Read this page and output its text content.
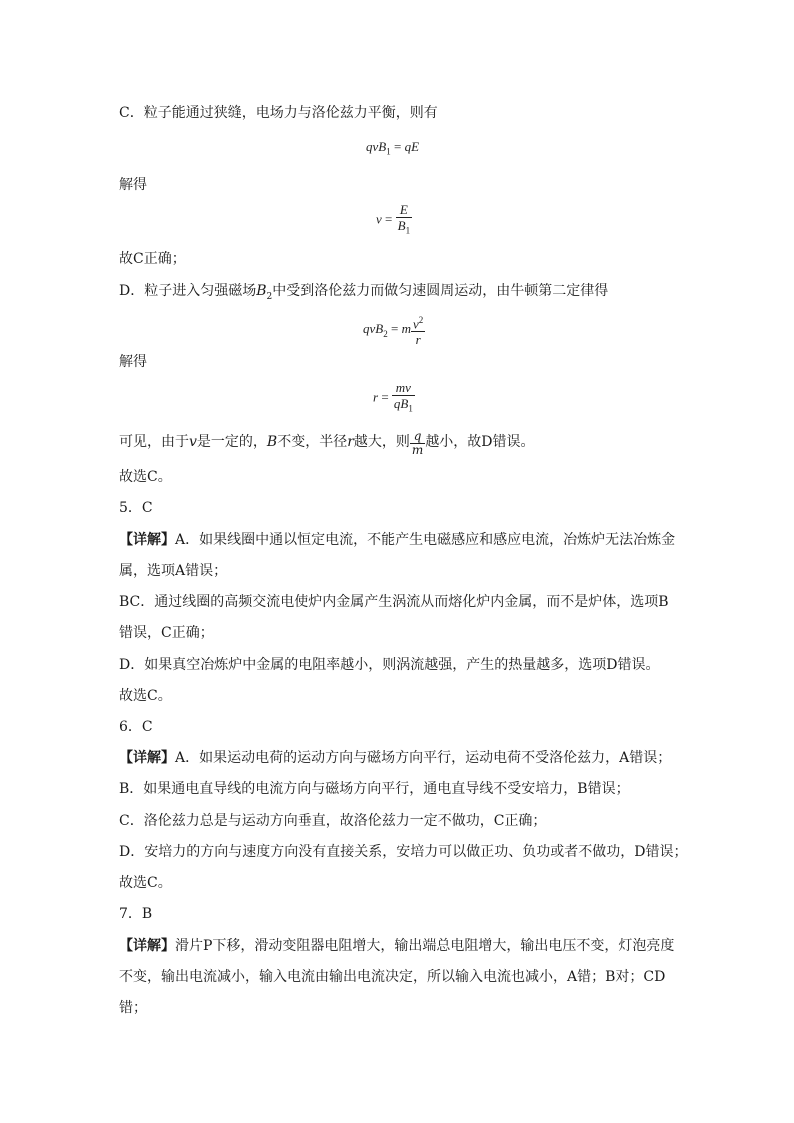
C．粒子能通过狭缝，电场力与洛伦兹力平衡，则有
qvB$_1$ = qE
解得
$v = \frac{E}{B_1}$
故C正确；
D．粒子进入匀强磁场$B_2$中受到洛伦兹力而做匀速圆周运动，由牛顿第二定律得
qvB$_2$ = m $\frac{v^2}{r}$
解得
$r = \frac{mv}{qB_1}$
可见，由于v是一定的，B不变，半径r越大，则 $\frac{q}{m}$ 越小，故D错误。
故选C。
5．C
【详解】A．如果线圈中通以恒定电流，不能产生电磁感应和感应电流，冶炼炉无法冶炼金
属，选项A错误；
BC．通过线圈的高频交流电使炉内金属产生涡流从而熔化炉内金属，而不是炉体，选项B
错误，C正确；
D．如果真空冶炼炉中金属的电阻率越小，则涡流越强，产生的热量越多，选项D错误。
故选C。
6．C
【详解】A．如果运动电荷的运动方向与磁场方向平行，运动电荷不受洛伦兹力，A错误；
B．如果通电直导线的电流方向与磁场方向平行，通电直导线不受安培力，B错误；
C．洛伦兹力总是与运动方向垂直，故洛伦兹力一定不做功，C正确；
D．安培力的方向与速度方向没有直接关系，安培力可以做正功、负功或者不做功，D错误；
故选C。
7．B
【详解】滑片P下移，滑动变阻器电阻增大，输出端总电阻增大，输出电压不变，灯泡亮度
不变，输出电流减小，输入电流由输出电流决定，所以输入电流也减小，A错；B对；CD
错；
